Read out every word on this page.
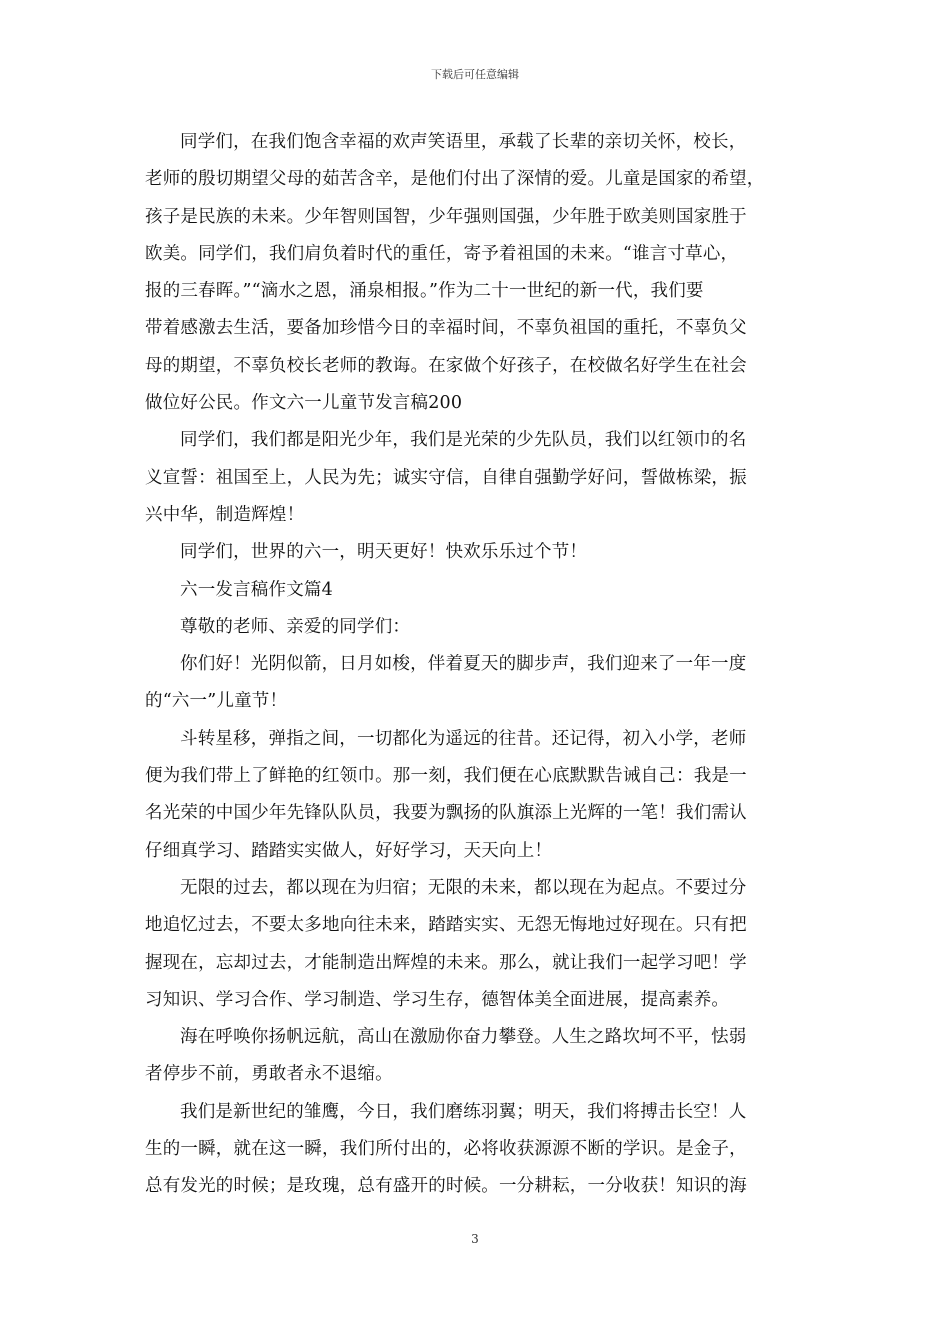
下载后可任意编辑

同学们，在我们饱含幸福的欢声笑语里，承载了长辈的亲切关怀，校长，
老师的殷切期望父母的茹苦含辛，是他们付出了深情的爱。儿童是国家的希望，
孩子是民族的未来。少年智则国智，少年强则国强，少年胜于欧美则国家胜于
欧美。同学们，我们肩负着时代的重任，寄予着祖国的未来。“谁言寸草心，
报的三春晖。”“滴水之恩，涌泉相报。”作为二十一世纪的新一代，我们要
带着感激去生活，要备加珍惜今日的幸福时间，不辜负祖国的重托，不辜负父
母的期望，不辜负校长老师的教诲。在家做个好孩子，在校做名好学生在社会
做位好公民。作文六一儿童节发言稿200

同学们，我们都是阳光少年，我们是光荣的少先队员，我们以红领巾的名
义宣誓：祖国至上，人民为先；诚实守信，自律自强勤学好问，誓做栋梁，振
兴中华，制造辉煌！

同学们，世界的六一，明天更好！快欢乐乐过个节！

六一发言稿作文篇4

尊敬的老师、亲爱的同学们：

你们好！光阴似箭，日月如梭，伴着夏天的脚步声，我们迎来了一年一度
的“六一”儿童节！

斗转星移，弹指之间，一切都化为遥远的往昔。还记得，初入小学，老师
便为我们带上了鲜艳的红领巾。那一刻，我们便在心底默默告诫自己：我是一
名光荣的中国少年先锋队队员，我要为飘扬的队旗添上光辉的一笔！我们需认
仔细真学习、踏踏实实做人，好好学习，天天向上！

无限的过去，都以现在为归宿；无限的未来，都以现在为起点。不要过分
地追忆过去，不要太多地向往未来，踏踏实实、无怨无悔地过好现在。只有把
握现在，忘却过去，才能制造出辉煌的未来。那么，就让我们一起学习吧！学
习知识、学习合作、学习制造、学习生存，德智体美全面进展，提高素养。

海在呼唤你扬帆远航，高山在激励你奋力攀登。人生之路坎坷不平，怯弱
者停步不前，勇敢者永不退缩。

我们是新世纪的雏鹰，今日，我们磨练羽翼；明天，我们将搏击长空！人
生的一瞬，就在这一瞬，我们所付出的，必将收获源源不断的学识。是金子，
总有发光的时候；是玫瑰，总有盛开的时候。一分耕耘，一分收获！知识的海

3
